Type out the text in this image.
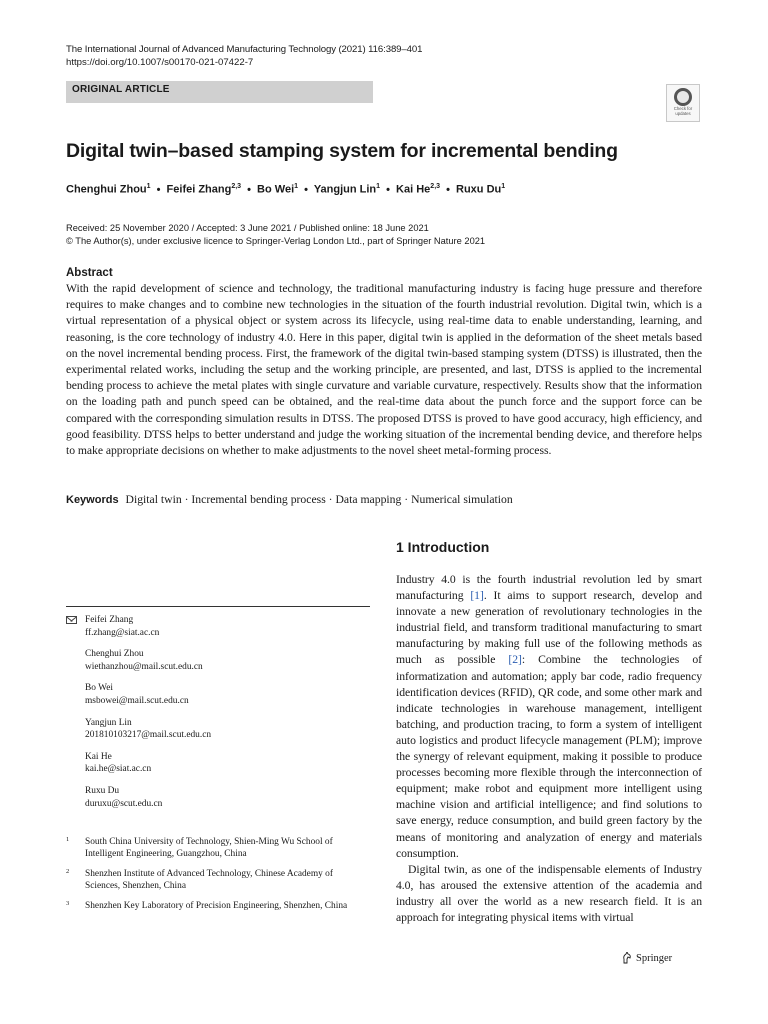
The International Journal of Advanced Manufacturing Technology (2021) 116:389–401
https://doi.org/10.1007/s00170-021-07422-7
ORIGINAL ARTICLE
Check for
updates
Digital twin–based stamping system for incremental bending
Chenghui Zhou$^1$ • Feifei Zhang$^{2,3}$ • Bo Wei$^1$ • Yangjun Lin$^1$ • Kai He$^{2,3}$ • Ruxu Du$^1$
Received: 25 November 2020 / Accepted: 3 June 2021 / Published online: 18 June 2021
© The Author(s), under exclusive licence to Springer-Verlag London Ltd., part of Springer Nature 2021
Abstract

With the rapid development of science and technology, the traditional manufacturing industry is facing huge pressure and therefore requires to make changes and to combine new technologies in the situation of the fourth industrial revolution. Digital twin, which is a virtual representation of a physical object or system across its lifecycle, using real-time data to enable understanding, learning, and reasoning, is the core technology of industry 4.0. Here in this paper, digital twin is applied in the deformation of the sheet metals based on the novel incremental bending process. First, the framework of the digital twin-based stamping system (DTSS) is illustrated, then the experimental related works, including the setup and the working principle, are presented, and last, DTSS is applied to the incremental bending process to achieve the metal plates with single curvature and variable curvature, respectively. Results show that the information on the loading path and punch speed can be obtained, and the real-time data about the punch force and the support force can be compared with the corresponding simulation results in DTSS. The proposed DTSS is proved to have good accuracy, high efficiency, and good feasibility. DTSS helps to better understand and judge the working situation of the incremental bending device, and therefore helps to make appropriate decisions on whether to make adjustments to the novel sheet metal-forming process.

Keywords Digital twin · Incremental bending process · Data mapping · Numerical simulation
1 Introduction

Industry 4.0 is the fourth industrial revolution led by smart manufacturing [1]. It aims to support research, develop and innovate a new generation of revolutionary technologies in the industrial field, and transform traditional manufacturing to smart manufacturing by making full use of the following methods as much as possible [2]: Combine the technologies of informatization and automation; apply bar code, radio frequency identification devices (RFID), QR code, and some other mark and indicate technologies in warehouse management, intelligent batching, and production tracing, to form a system of intelligent auto logistics and product lifecycle management (PLM); improve the synergy of relevant equipment, making it possible to produce processes becoming more flexible through the interconnection of equipment; make robot and equipment more intelligent using machine vision and artificial intelligence; and find solutions to save energy, reduce consumption, and build green factory by the means of monitoring and analyzation of energy and materials consumption.

Digital twin, as one of the indispensable elements of Industry 4.0, has aroused the extensive attention of the academia and industry all over the world as a new research field. It is an approach for integrating physical items with virtual

Feifei Zhang
ff.zhang@siat.ac.cn
Chenghui Zhou
wiethanzhou@mail.scut.edu.cn
Bo Wei
msbowei@mail.scut.edu.cn
Yangjun Lin
201810103217@mail.scut.edu.cn
Kai He
kai.he@siat.ac.cn
Ruxu Du
duruxu@scut.edu.cn
1 South China University of Technology, Shien-Ming Wu School of Intelligent Engineering, Guangzhou, China
2 Shenzhen Institute of Advanced Technology, Chinese Academy of Sciences, Shenzhen, China
3 Shenzhen Key Laboratory of Precision Engineering, Shenzhen, China
Springer
